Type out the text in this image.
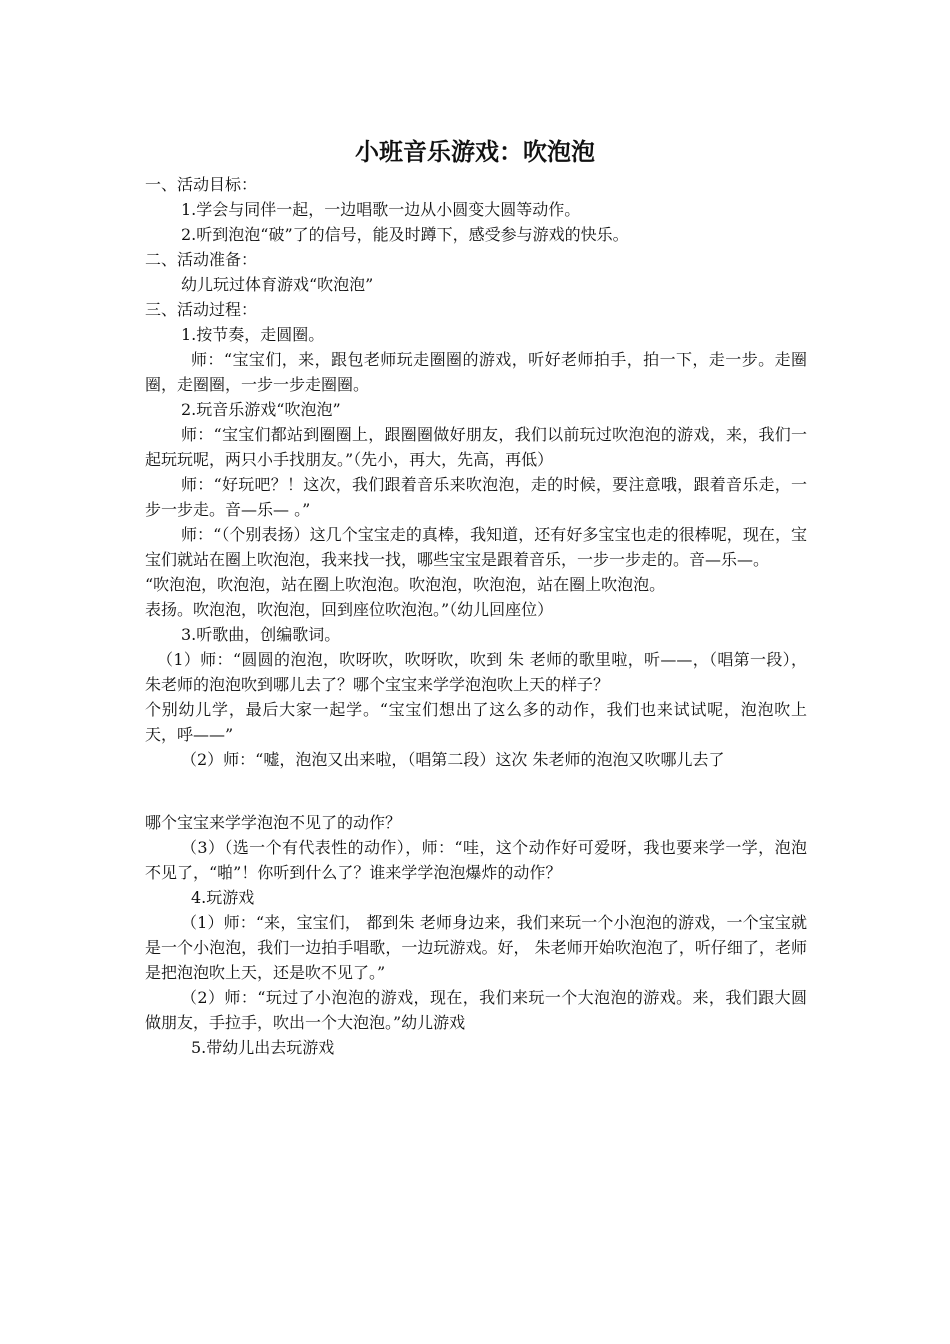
小班音乐游戏：吹泡泡

一、活动目标：

1.学会与同伴一起，一边唱歌一边从小圆变大圆等动作。

2.听到泡泡“破”了的信号，能及时蹲下，感受参与游戏的快乐。

二、活动准备：

幼儿玩过体育游戏“吹泡泡”

三、活动过程：

1.按节奏，走圆圈。

师：“宝宝们，来，跟包老师玩走圈圈的游戏，听好老师拍手，拍一下，走一步。走圈圈，走圈圈，一步一步走圈圈。

2.玩音乐游戏“吹泡泡”

师：“宝宝们都站到圈圈上，跟圈圈做好朋友，我们以前玩过吹泡泡的游戏，来，我们一起玩玩呢，两只小手找朋友。”（先小，再大，先高，再低）

师：“好玩吧？！这次，我们跟着音乐来吹泡泡，走的时候，要注意哦，跟着音乐走，一步一步走。音—乐— 。”

师：“（个别表扬）这几个宝宝走的真棒，我知道，还有好多宝宝也走的很棒呢，现在，宝宝们就站在圈上吹泡泡，我来找一找，哪些宝宝是跟着音乐，一步一步走的。音—乐—。

“吹泡泡，吹泡泡，站在圈上吹泡泡。吹泡泡，吹泡泡，站在圈上吹泡泡。

表扬。吹泡泡，吹泡泡，回到座位吹泡泡。”（幼儿回座位）

3.听歌曲，创编歌词。

（1）师：“圆圆的泡泡，吹呀吹，吹呀吹，吹到 朱 老师的歌里啦，听——，（唱第一段）， 朱老师的泡泡吹到哪儿去了？哪个宝宝来学学泡泡吹上天的样子？

个别幼儿学，最后大家一起学。“宝宝们想出了这么多的动作，我们也来试试呢，泡泡吹上天，呼——”

（2）师：“嘘，泡泡又出来啦，（唱第二段）这次 朱老师的泡泡又吹哪儿去了

哪个宝宝来学学泡泡不见了的动作？

（3）（选一个有代表性的动作），师：“哇，这个动作好可爱呀，我也要来学一学，泡泡不见了，“啪”！你听到什么了？谁来学学泡泡爆炸的动作？

4.玩游戏

（1）师：“来，宝宝们， 都到朱 老师身边来，我们来玩一个小泡泡的游戏，一个宝宝就是一个小泡泡，我们一边拍手唱歌，一边玩游戏。好， 朱老师开始吹泡泡了，听仔细了，老师是把泡泡吹上天，还是吹不见了。”

（2）师：“玩过了小泡泡的游戏，现在，我们来玩一个大泡泡的游戏。来，我们跟大圆做朋友，手拉手，吹出一个大泡泡。”幼儿游戏

5.带幼儿出去玩游戏
